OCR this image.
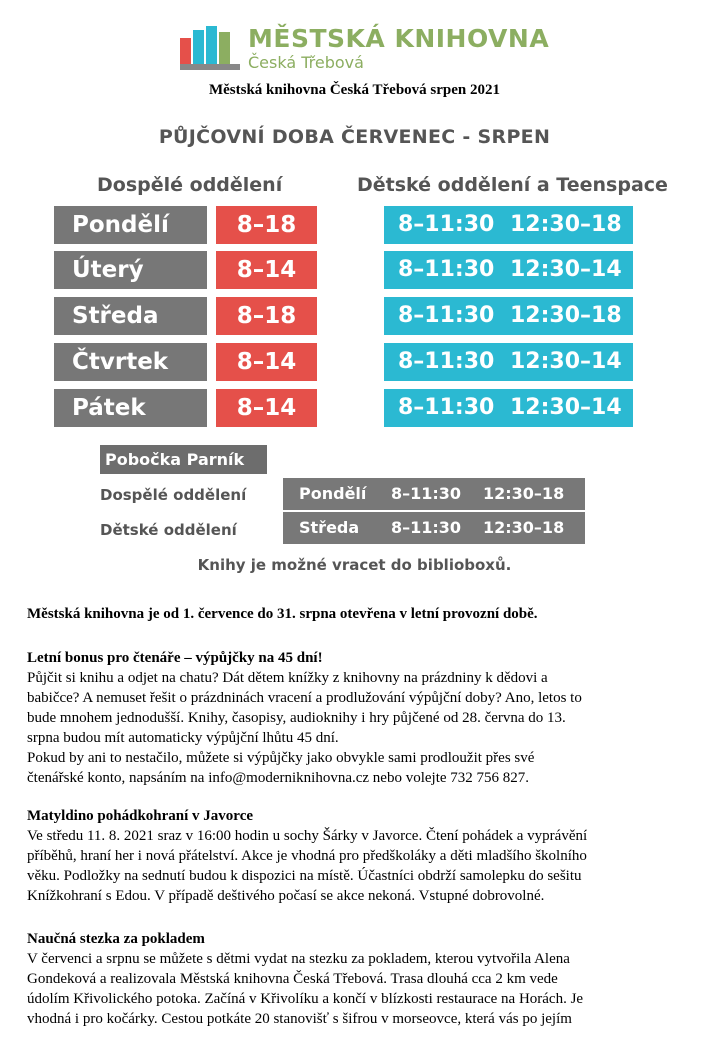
MĚSTSKÁ KNIHOVNA
Česká Třebová
Městská knihovna Česká Třebová srpen 2021
PŮJČOVNÍ DOBA ČERVENEC - SRPEN
Dospělé oddělení	Dětské oddělení a Teenspace
Pondělí	8–18	8–11:30 12:30–18
Úterý	8–14	8–11:30 12:30–14
Středa	8–18	8–11:30 12:30–18
Čtvrtek	8–14	8–11:30 12:30–14
Pátek	8–14	8–11:30 12:30–14
Pobočka Parník
Dospělé oddělení	Pondělí 8–11:30 12:30–18
Dětské oddělení	Středa 8–11:30 12:30–18
Knihy je možné vracet do biblioboxů.
Městská knihovna je od 1. července do 31. srpna otevřena v letní provozní době.
Letní bonus pro čtenáře – výpůjčky na 45 dní!
Půjčit si knihu a odjet na chatu? Dát dětem knížky z knihovny na prázdniny k dědovi a
babičce? A nemuset řešit o prázdninách vracení a prodlužování výpůjční doby? Ano, letos to
bude mnohem jednodušší. Knihy, časopisy, audioknihy i hry půjčené od 28. června do 13.
srpna budou mít automaticky výpůjční lhůtu 45 dní.
Pokud by ani to nestačilo, můžete si výpůjčky jako obvykle sami prodloužit přes své
čtenářské konto, napsáním na info@moderniknihovna.cz nebo volejte 732 756 827.
Matyldino pohádkohraní v Javorce
Ve středu 11. 8. 2021 sraz v 16:00 hodin u sochy Šárky v Javorce. Čtení pohádek a vyprávění
příběhů, hraní her i nová přátelství. Akce je vhodná pro předškoláky a děti mladšího školního
věku. Podložky na sednutí budou k dispozici na místě. Účastníci obdrží samolepku do sešitu
Knížkohraní s Edou. V případě deštivého počasí se akce nekoná. Vstupné dobrovolné.
Naučná stezka za pokladem
V červenci a srpnu se můžete s dětmi vydat na stezku za pokladem, kterou vytvořila Alena
Gondeková a realizovala Městská knihovna Česká Třebová. Trasa dlouhá cca 2 km vede
údolím Křivolického potoka. Začíná v Křivolíku a končí v blízkosti restaurace na Horách. Je
vhodná i pro kočárky. Cestou potkáte 20 stanovišť s šifrou v morseovce, která vás po jejím
